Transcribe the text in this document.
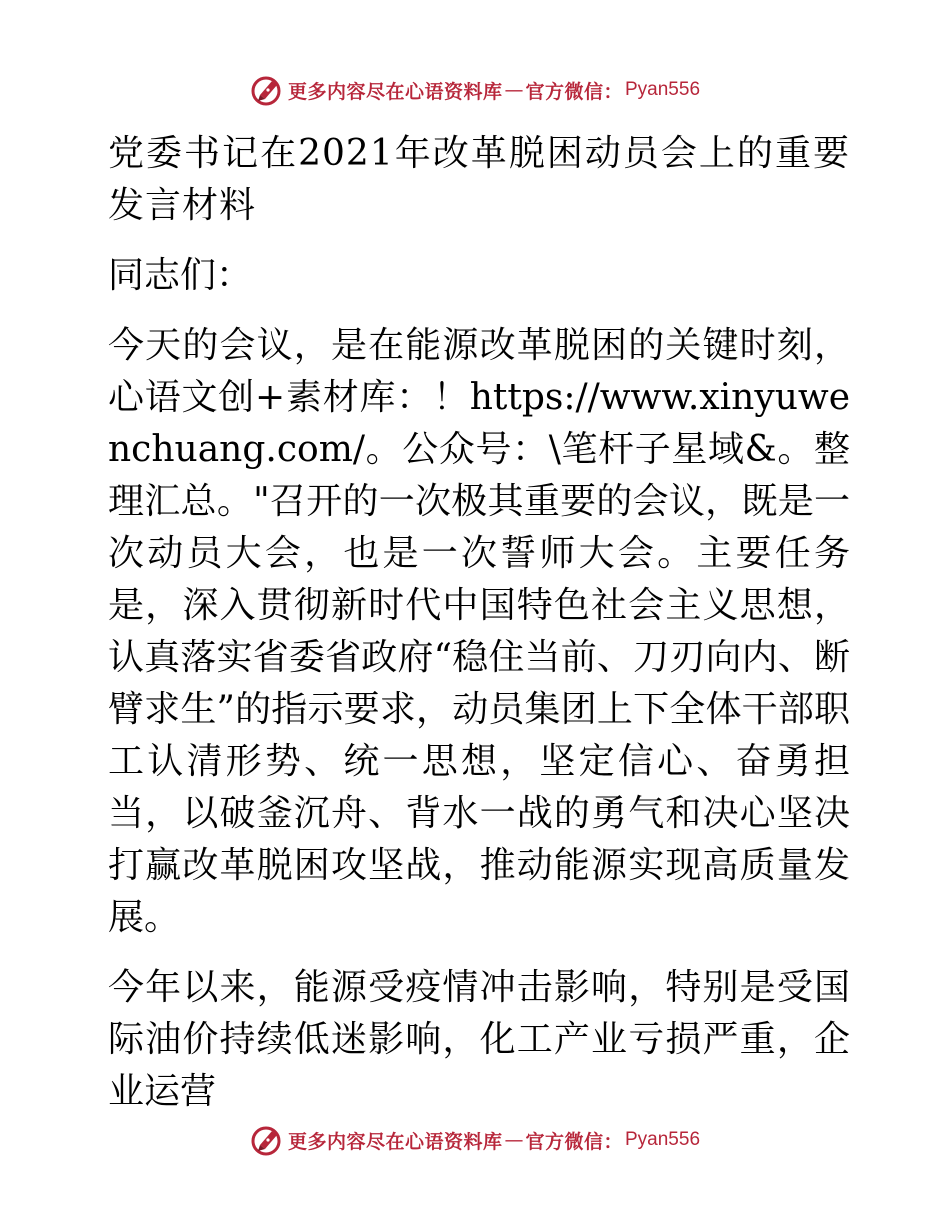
更多内容尽在心语资料库 — 官方微信： Pyan556

党委书记在2021年改革脱困动员会上的重要发言材料

同志们：

今天的会议，是在能源改革脱困的关键时刻，心语文创+素材库：！https://www.xinyuwenchuang.com/。公众号：\笔杆子星域&。整理汇总。"召开的一次极其重要的会议，既是一次动员大会，也是一次誓师大会。主要任务是，深入贯彻新时代中国特色社会主义思想，认真落实省委省政府“稳住当前、刀刃向内、断臂求生”的指示要求，动员集团上下全体干部职工认清形势、统一思想，坚定信心、奋勇担当，以破釜沉舟、背水一战的勇气和决心坚决打赢改革脱困攻坚战，推动能源实现高质量发展。

今年以来，能源受疫情冲击影响，特别是受国际油价持续低迷影响，化工产业亏损严重，企业运营

更多内容尽在心语资料库 — 官方微信： Pyan556
